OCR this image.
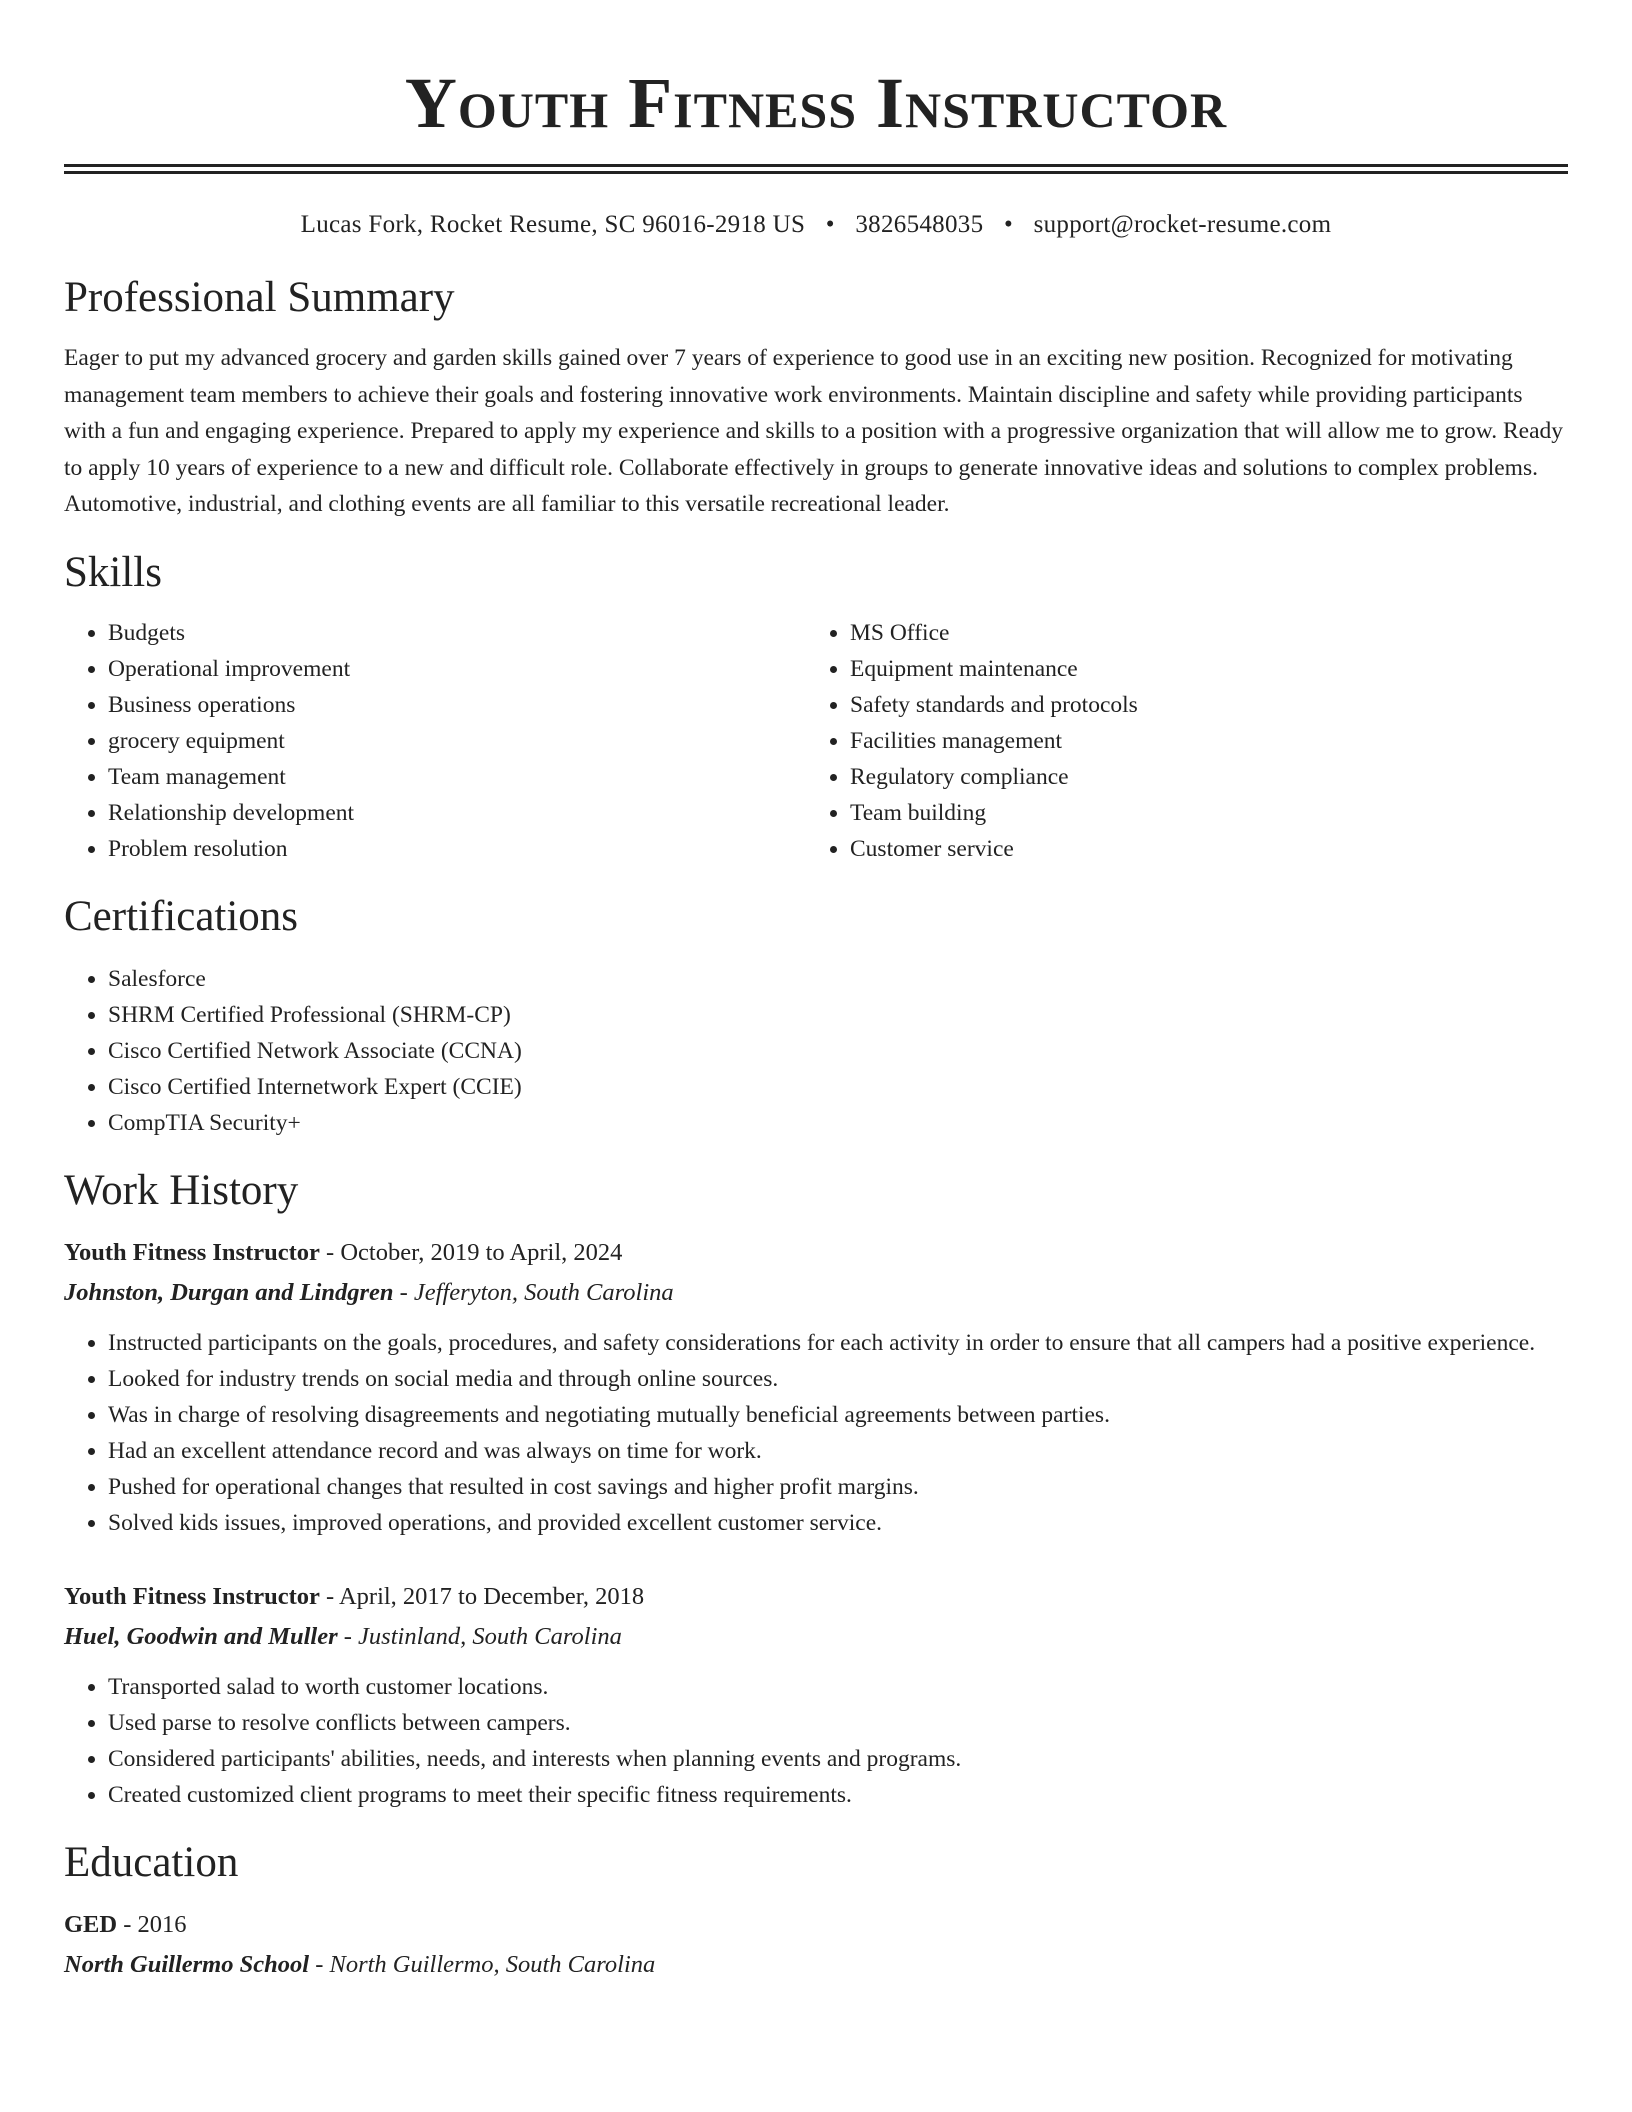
Youth Fitness Instructor
Lucas Fork, Rocket Resume, SC 96016-2918 US • 3826548035 • support@rocket-resume.com
Professional Summary

Eager to put my advanced grocery and garden skills gained over 7 years of experience to good use in an exciting new position. Recognized for motivating management team members to achieve their goals and fostering innovative work environments. Maintain discipline and safety while providing participants with a fun and engaging experience. Prepared to apply my experience and skills to a position with a progressive organization that will allow me to grow. Ready to apply 10 years of experience to a new and difficult role. Collaborate effectively in groups to generate innovative ideas and solutions to complex problems. Automotive, industrial, and clothing events are all familiar to this versatile recreational leader.

Skills
• Budgets
• Operational improvement
• Business operations
• grocery equipment
• Team management
• Relationship development
• Problem resolution
• MS Office
• Equipment maintenance
• Safety standards and protocols
• Facilities management
• Regulatory compliance
• Team building
• Customer service
Certifications
• Salesforce
• SHRM Certified Professional (SHRM-CP)
• Cisco Certified Network Associate (CCNA)
• Cisco Certified Internetwork Expert (CCIE)
• CompTIA Security+
Work History
Youth Fitness Instructor - October, 2019 to April, 2024
Johnston, Durgan and Lindgren - Jefferyton, South Carolina
• Instructed participants on the goals, procedures, and safety considerations for each activity in order to ensure that all campers had a positive experience.
• Looked for industry trends on social media and through online sources.
• Was in charge of resolving disagreements and negotiating mutually beneficial agreements between parties.
• Had an excellent attendance record and was always on time for work.
• Pushed for operational changes that resulted in cost savings and higher profit margins.
• Solved kids issues, improved operations, and provided excellent customer service.
Youth Fitness Instructor - April, 2017 to December, 2018
Huel, Goodwin and Muller - Justinland, South Carolina
• Transported salad to worth customer locations.
• Used parse to resolve conflicts between campers.
• Considered participants' abilities, needs, and interests when planning events and programs.
• Created customized client programs to meet their specific fitness requirements.
Education
GED - 2016
North Guillermo School - North Guillermo, South Carolina
